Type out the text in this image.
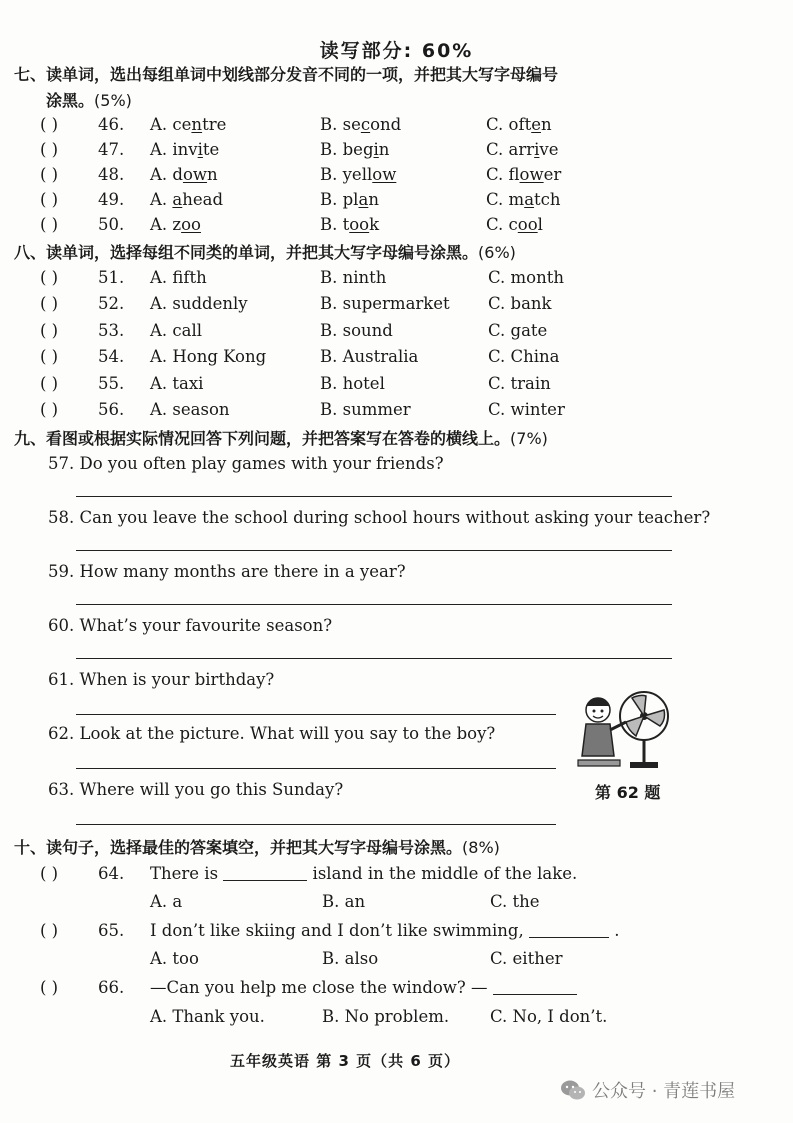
读写部分: 60%
七、读单词，选出每组单词中划线部分发音不同的一项，并把其大写字母编号
涂黑。(5%)
( )	46. A. centre	B. second	C. often
( )	47. A. invite	B. begin	C. arrive
( )	48. A. down	B. yellow	C. flower
( )	49. A. ahead	B. plan	C. match
( )	50. A. zoo	B. took	C. cool
八、读单词，选择每组不同类的单词，并把其大写字母编号涂黑。(6%)
( )	51. A. fifth	B. ninth	C. month
( )	52. A. suddenly	B. supermarket C. bank
( )	53. A. call	B. sound	C. gate
( )	54. A. Hong Kong	B. Australia	C. China
( )	55. A. taxi	B. hotel	C. train
( )	56. A. season	B. summer	C. winter
九、看图或根据实际情况回答下列问题，并把答案写在答卷的横线上。(7%)
57. Do you often play games with your friends?
58. Can you leave the school during school hours without asking your teacher?
59. How many months are there in a year?
60. What’s your favourite season?
61. When is your birthday?
62. Look at the picture. What will you say to the boy?
63. Where will you go this Sunday?	第 62 题
十、读句子，选择最佳的答案填空，并把其大写字母编号涂黑。(8%)
( )	64. There is	island in the middle of the lake.
A. a	B. an	C. the
( )	65. I don’t like skiing and I don’t like swimming,	.
A. too	B. also	C. either
( )	66. —Can you help me close the window? —
A. Thank you.	B. No problem. C. No, I don’t.
五年级英语 第 3 页（共 6 页）
公众号 · 青莲书屋
